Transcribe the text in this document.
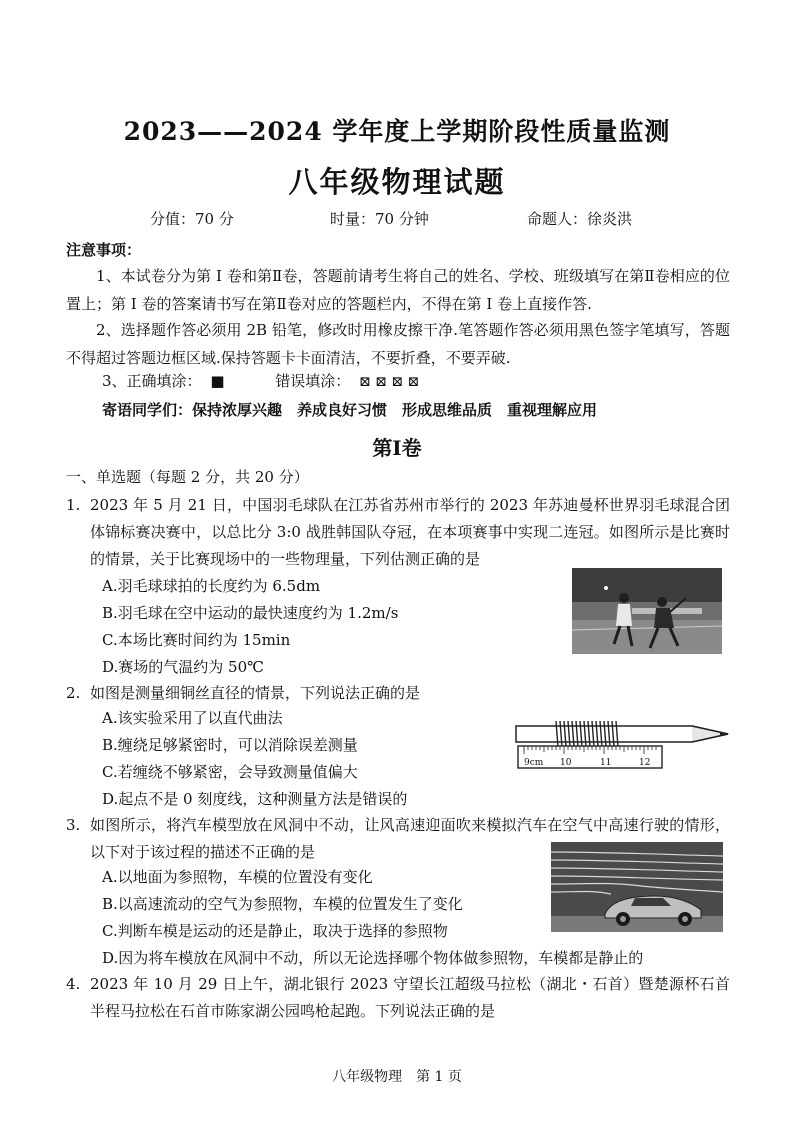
2023——2024 学年度上学期阶段性质量监测
八年级物理试题
分值：70 分	时量：70 分钟	命题人：徐炎洪
注意事项：
1、本试卷分为第 Ⅰ 卷和第Ⅱ卷，答题前请考生将自己的姓名、学校、班级填写在第Ⅱ卷相应的位置上；第 Ⅰ 卷的答案请书写在第Ⅱ卷对应的答题栏内，不得在第 Ⅰ 卷上直接作答.
2、选择题作答必须用 2B 铅笔，修改时用橡皮擦干净.笔答题作答必须用黑色签字笔填写，答题不得超过答题边框区域.保持答题卡卡面清洁，不要折叠，不要弄破.
3、正确填涂： ■	错误填涂： ⊠ ⊠ ⊠ ⊠
寄语同学们：保持浓厚兴趣　养成良好习惯　形成思维品质　重视理解应用
第Ⅰ卷
一、单选题（每题 2 分，共 20 分）
1. 2023 年 5 月 21 日，中国羽毛球队在江苏省苏州市举行的 2023 年苏迪曼杯世界羽毛球混合团体锦标赛决赛中，以总比分 3:0 战胜韩国队夺冠，在本项赛事中实现二连冠。如图所示是比赛时的情景，关于比赛现场中的一些物理量，下列估测正确的是
A.羽毛球球拍的长度约为 6.5dm
B.羽毛球在空中运动的最快速度约为 1.2m/s
C.本场比赛时间约为 15min
D.赛场的气温约为 50℃
2. 如图是测量细铜丝直径的情景，下列说法正确的是
A.该实验采用了以直代曲法
B.缠绕足够紧密时，可以消除误差测量
C.若缠绕不够紧密，会导致测量值偏大
D.起点不是 0 刻度线，这种测量方法是错误的
9cm 10	11	12
3. 如图所示，将汽车模型放在风洞中不动，让风高速迎面吹来模拟汽车在空气中高速行驶的情形，以下对于该过程的描述不正确的是
A.以地面为参照物，车模的位置没有变化
B.以高速流动的空气为参照物，车模的位置发生了变化
C.判断车模是运动的还是静止，取决于选择的参照物
D.因为将车模放在风洞中不动，所以无论选择哪个物体做参照物，车模都是静止的
4. 2023 年 10 月 29 日上午，湖北银行 2023 守望长江超级马拉松（湖北・石首）暨楚源杯石首半程马拉松在石首市陈家湖公园鸣枪起跑。下列说法正确的是
八年级物理　第 1 页
